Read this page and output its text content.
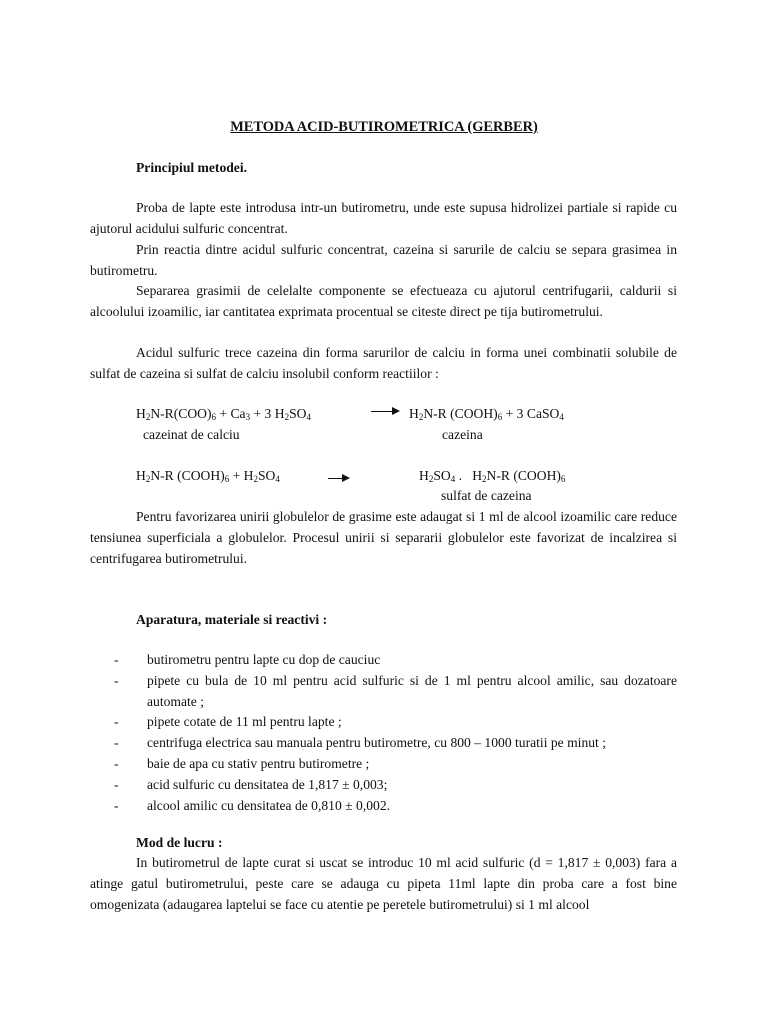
METODA ACID-BUTIROMETRICA (GERBER)
Principiul metodei.
Proba de lapte este introdusa intr-un butirometru, unde este supusa hidrolizei partiale si rapide cu ajutorul acidului sulfuric concentrat.
Prin reactia dintre acidul sulfuric concentrat, cazeina si sarurile de calciu se separa grasimea in butirometru.
Separarea grasimii de celelalte componente se efectueaza cu ajutorul centrifugarii, caldurii si alcoolului izoamilic, iar cantitatea exprimata procentual se citeste direct pe tija butirometrului.
Acidul sulfuric trece cazeina din forma sarurilor de calciu in forma unei combinatii solubile de sulfat de cazeina si sulfat de calciu insolubil conform reactiilor :
$H_2N-R(COO)_6 + Ca_3 + 3$ $H_2SO_4 \to H_2N-R$ $(COOH)_6 + 3$ CaSO$_4$
cazeinat de calciu	cazeina
$H_2N-R$ $(COOH)_6 + H_2SO_4$	$H_2SO_4$ .   $H_2N-R$ $(COOH)_6$
sulfat de cazeina
Pentru favorizarea unirii globulelor de grasime este adaugat si 1 ml de alcool izoamilic care reduce tensiunea superficiala a globulelor. Procesul unirii si separarii globulelor este favorizat de incalzirea si centrifugarea butirometrului.
Aparatura, materiale si reactivi :
- butirometru pentru lapte cu dop de cauciuc
- pipete cu bula de 10 ml pentru acid sulfuric si de 1 ml pentru alcool amilic, sau dozatoare automate ;
- pipete cotate de 11 ml pentru lapte ;
- centrifuga electrica sau manuala pentru butirometre, cu 800 – 1000 turatii pe minut ;
- baie de apa cu stativ pentru butirometre ;
- acid sulfuric cu densitatea de 1,817 ± 0,003;
- alcool amilic cu densitatea de 0,810 ± 0,002.
Mod de lucru :
In butirometrul de lapte curat si uscat se introduc 10 ml acid sulfuric (d = 1,817 ± 0,003) fara a atinge gatul butirometrului, peste care se adauga cu pipeta 11ml lapte din proba care a fost bine omogenizata (adaugarea laptelui se face cu atentie pe peretele butirometrului) si 1 ml alcool
